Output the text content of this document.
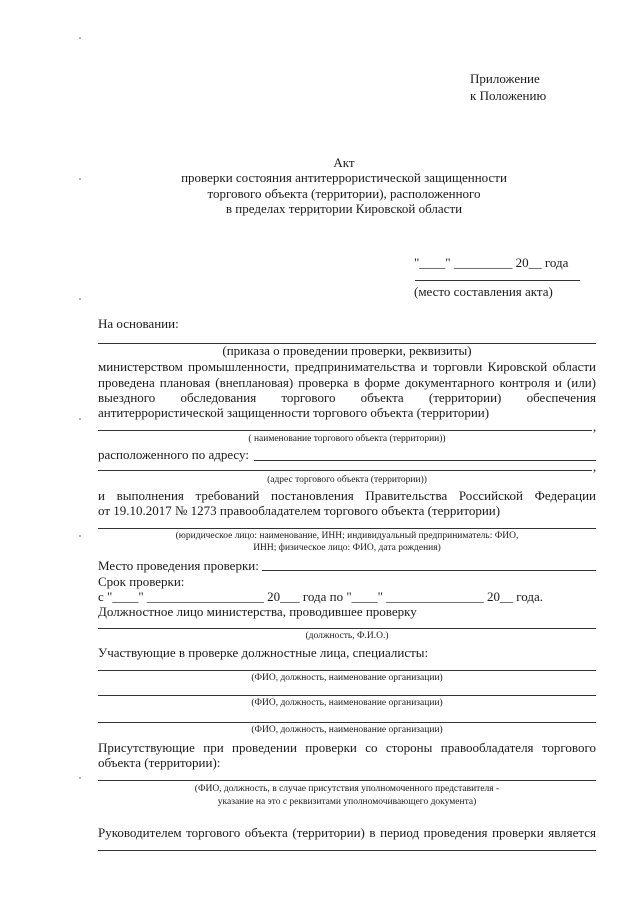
Приложение
к Положению
Акт
проверки состояния антитеррористической защищенности
торгового объекта (территории), расположенного
в пределах территории Кировской области
"____" _________ 20__ года
(место составления акта)
На основании:
(приказа о проведении проверки, реквизиты)
министерством промышленности, предпринимательства и торговли Кировской области
проведена плановая (внеплановая) проверка в форме документарного контроля и (или)
выездного обследования торгового объекта (территории) обеспечения
антитеррористической защищенности торгового объекта (территории)
,
( наименование торгового объекта (территории))
расположенного по адресу:
,
(адрес торгового объекта (территории))
и выполнения требований постановления Правительства Российской Федерации
от 19.10.2017 № 1273 правообладателем торгового объекта (территории)
(юридическое лицо: наименование, ИНН; индивидуальный предприниматель: ФИО,
ИНН; физическое лицо: ФИО, дата рождения)
Место проведения проверки:
Срок проверки:
с "____" __________________ 20___ года по "____" _______________ 20__ года.
Должностное лицо министерства, проводившее проверку
(должность, Ф.И.О.)
Участвующие в проверке должностные лица, специалисты:
(ФИО, должность, наименование организации)
(ФИО, должность, наименование организации)
(ФИО, должность, наименование организации)
Присутствующие при проведении проверки со стороны правообладателя торгового
объекта (территории):
(ФИО, должность, в случае присутствия уполномоченного представителя -
указание на это с реквизитами уполномочивающего документа)
Руководителем торгового объекта (территории) в период проведения проверки является
